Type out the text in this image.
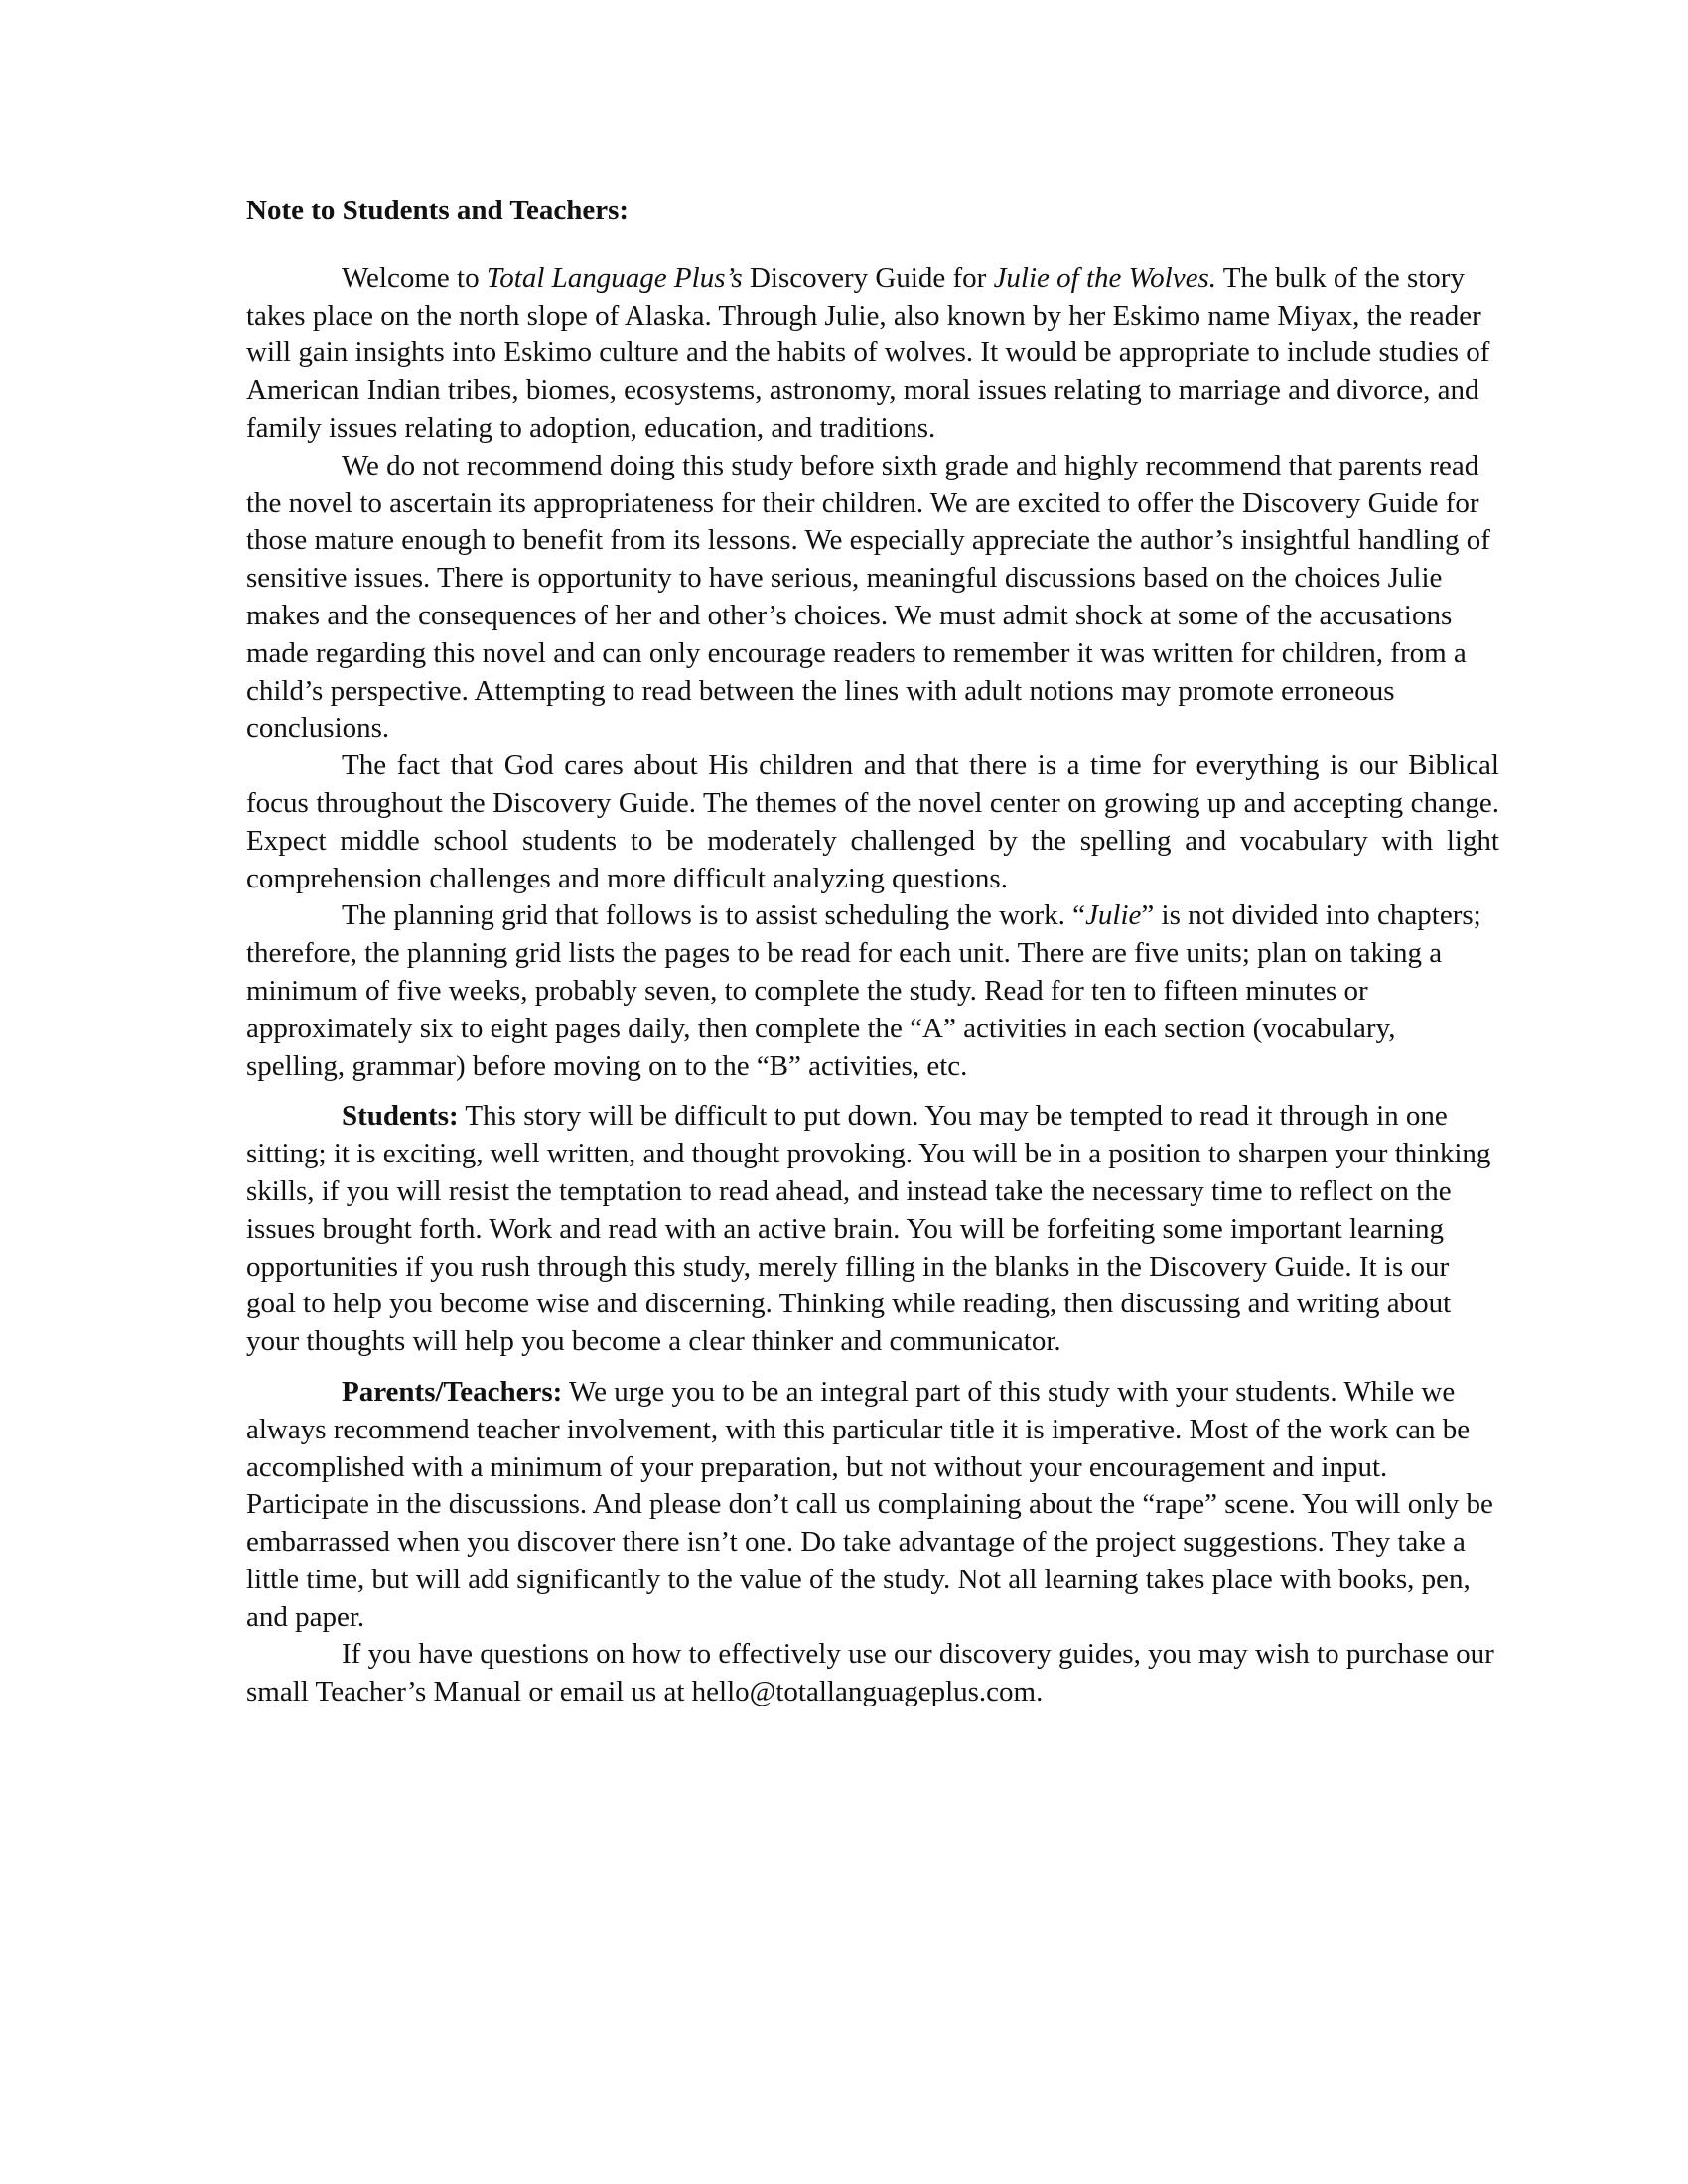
Note to Students and Teachers:

Welcome to Total Language Plus’s Discovery Guide for Julie of the Wolves. The bulk of the story takes place on the north slope of Alaska. Through Julie, also known by her Eskimo name Miyax, the reader will gain insights into Eskimo culture and the habits of wolves. It would be appropriate to include studies of American Indian tribes, biomes, ecosystems, astronomy, moral issues relating to marriage and divorce, and family issues relating to adoption, education, and traditions.

We do not recommend doing this study before sixth grade and highly recommend that parents read the novel to ascertain its appropriateness for their children. We are excited to offer the Discovery Guide for those mature enough to benefit from its lessons. We especially appreciate the author’s insightful handling of sensitive issues. There is opportunity to have serious, meaningful discussions based on the choices Julie makes and the consequences of her and other’s choices. We must admit shock at some of the accusations made regarding this novel and can only encourage readers to remember it was written for children, from a child’s perspective. Attempting to read between the lines with adult notions may promote erroneous conclusions.

The fact that God cares about His children and that there is a time for everything is our Biblical focus throughout the Discovery Guide. The themes of the novel center on growing up and accepting change. Expect middle school students to be moderately challenged by the spelling and vocabulary with light comprehension challenges and more difficult analyzing questions.

The planning grid that follows is to assist scheduling the work. “Julie” is not divided into chapters; therefore, the planning grid lists the pages to be read for each unit. There are five units; plan on taking a minimum of five weeks, probably seven, to complete the study. Read for ten to fifteen minutes or approximately six to eight pages daily, then complete the “A” activities in each section (vocabulary, spelling, grammar) before moving on to the “B” activities, etc.

Students: This story will be difficult to put down. You may be tempted to read it through in one sitting; it is exciting, well written, and thought provoking. You will be in a position to sharpen your thinking skills, if you will resist the temptation to read ahead, and instead take the necessary time to reflect on the issues brought forth. Work and read with an active brain. You will be forfeiting some important learning opportunities if you rush through this study, merely filling in the blanks in the Discovery Guide. It is our goal to help you become wise and discerning. Thinking while reading, then discussing and writing about your thoughts will help you become a clear thinker and communicator.

Parents/Teachers: We urge you to be an integral part of this study with your students. While we always recommend teacher involvement, with this particular title it is imperative. Most of the work can be accomplished with a minimum of your preparation, but not without your encouragement and input. Participate in the discussions. And please don’t call us complaining about the “rape” scene. You will only be embarrassed when you discover there isn’t one. Do take advantage of the project suggestions. They take a little time, but will add significantly to the value of the study. Not all learning takes place with books, pen, and paper.

If you have questions on how to effectively use our discovery guides, you may wish to purchase our small Teacher’s Manual or email us at hello@totallanguageplus.com.
